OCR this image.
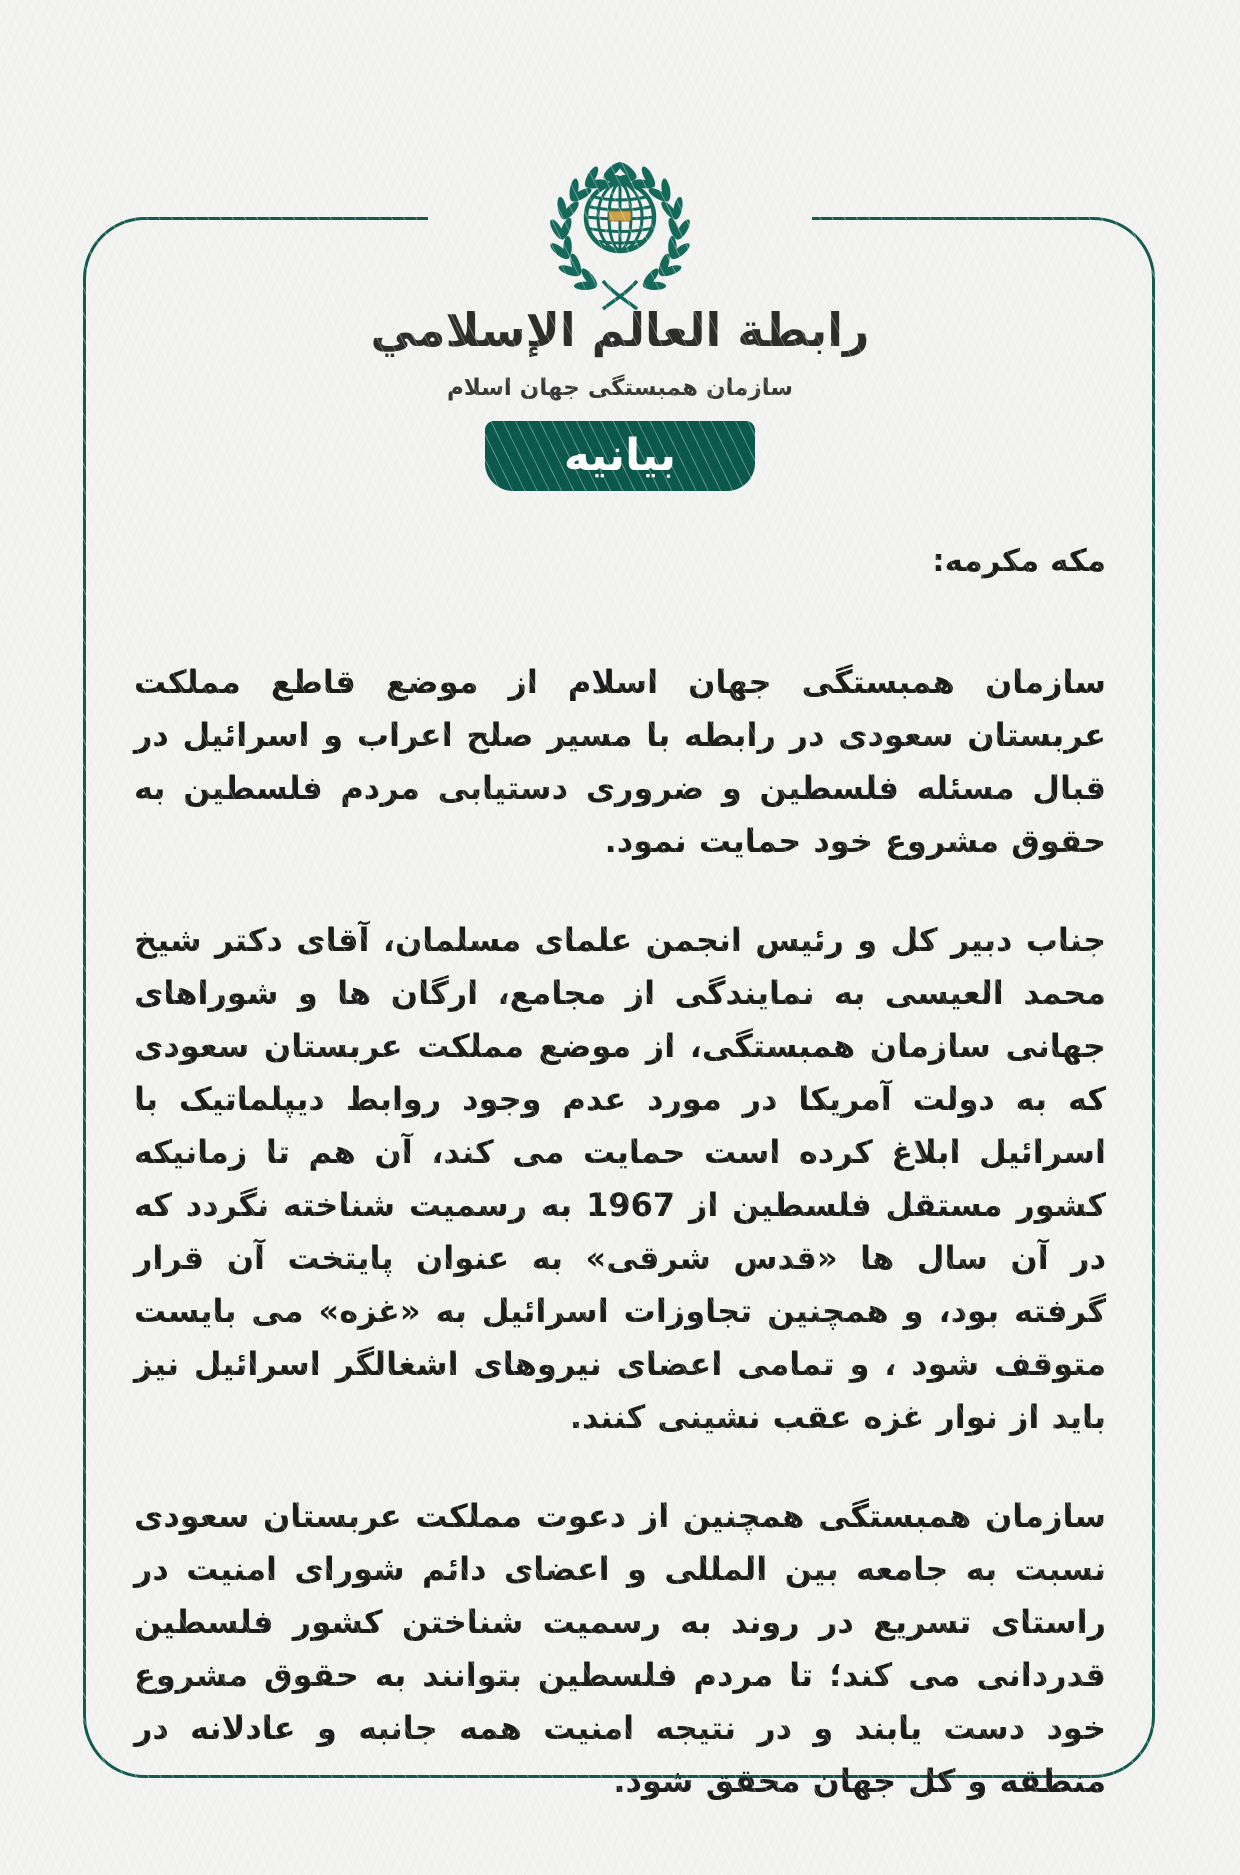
رابطة العالم الإسلامي
سازمان همبستگی جهان اسلام
بیانیه
مکه مکرمه:

سازمان همبستگی جهان اسلام از موضع قاطع مملکت عربستان سعودی در رابطه با مسیر صلح اعراب و اسرائیل در قبال مسئله فلسطین و ضروری دستیابی مردم فلسطین به حقوق مشروع خود حمایت نمود.

جناب دبیر کل و رئیس انجمن علمای مسلمان، آقای دکتر شیخ محمد العیسی به نمایندگی از مجامع، ارگان ها و شوراهای جهانی سازمان همبستگی، از موضع مملکت عربستان سعودی که به دولت آمریکا در مورد عدم وجود روابط دیپلماتیک با اسرائیل ابلاغ کرده است حمایت می کند، آن هم تا زمانیکه کشور مستقل فلسطین از 1967 به رسمیت شناخته نگردد که در آن سال ها «قدس شرقی» به عنوان پایتخت آن قرار گرفته بود، و همچنین تجاوزات اسرائیل به «غزه» می بایست متوقف شود ، و تمامی اعضای نیروهای اشغالگر اسرائیل نیز باید از نوار غزه عقب نشینی کنند.

سازمان همبستگی همچنین از دعوت مملکت عربستان سعودی نسبت به جامعه بین المللی و اعضای دائم شورای امنیت در راستای تسریع در روند به رسمیت شناختن کشور فلسطین قدردانی می کند؛ تا مردم فلسطین بتوانند به حقوق مشروع خود دست یابند و در نتیجه امنیت همه جانبه و عادلانه در منطقه و کل جهان محقق شود.
